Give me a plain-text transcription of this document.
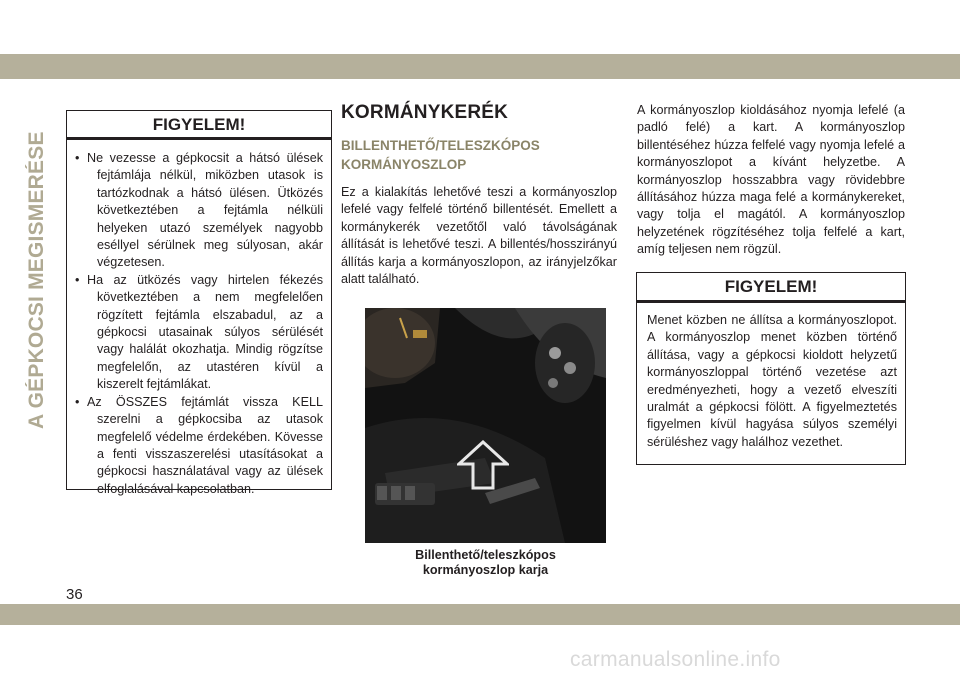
A GÉPKOCSI MEGISMERÉSE
FIGYELEM!
• Ne vezesse a gépkocsit a hátsó ülések fejtámlája nélkül, miközben utasok is tartózkodnak a hátsó ülésen. Ütközés következtében a fejtámla nélküli helyeken utazó személyek nagyobb eséllyel sérülnek meg súlyosan, akár végzetesen.
• Ha az ütközés vagy hirtelen fékezés következtében a nem megfelelően rögzített fejtámla elszabadul, az a gépkocsi utasainak súlyos sérülését vagy halálát okozhatja. Mindig rögzítse megfelelőn, az utastéren kívül a kiszerelt fejtámlákat.
• Az ÖSSZES fejtámlát vissza KELL szerelni a gépkocsiba az utasok megfelelő védelme érdekében. Kövesse a fenti visszaszerelési utasításokat a gépkocsi használatával vagy az ülések elfoglalásával kapcsolatban.
KORMÁNYKERÉK
BILLENTHETŐ/TELESZKÓPOS KORMÁNYOSZLOP

Ez a kialakítás lehetővé teszi a kormányoszlop lefelé vagy felfelé történő billentését. Emellett a kormánykerék vezetőtől való távolságának állítását is lehetővé teszi. A billentés/hosszirányú állítás karja a kormányoszlopon, az irányjelzőkar alatt található.

Billenthető/teleszkópos
kormányoszlop karja

A kormányoszlop kioldásához nyomja lefelé (a padló felé) a kart. A kormányoszlop billentéséhez húzza felfelé vagy nyomja lefelé a kormányoszlopot a kívánt helyzetbe. A kormányoszlop hosszabbra vagy rövidebbre állításához húzza maga felé a kormánykereket, vagy tolja el magától. A kormányoszlop helyzetének rögzítéséhez tolja felfelé a kart, amíg teljesen nem rögzül.

FIGYELEM!
Menet közben ne állítsa a kormányoszlopot. A kormányoszlop menet közben történő állítása, vagy a gépkocsi kioldott helyzetű kormányoszloppal történő vezetése azt eredményezheti, hogy a vezető elveszíti uralmát a gépkocsi fölött. A figyelmeztetés figyelmen kívül hagyása súlyos személyi sérüléshez vagy halálhoz vezethet.
36
carmanualsonline.info
